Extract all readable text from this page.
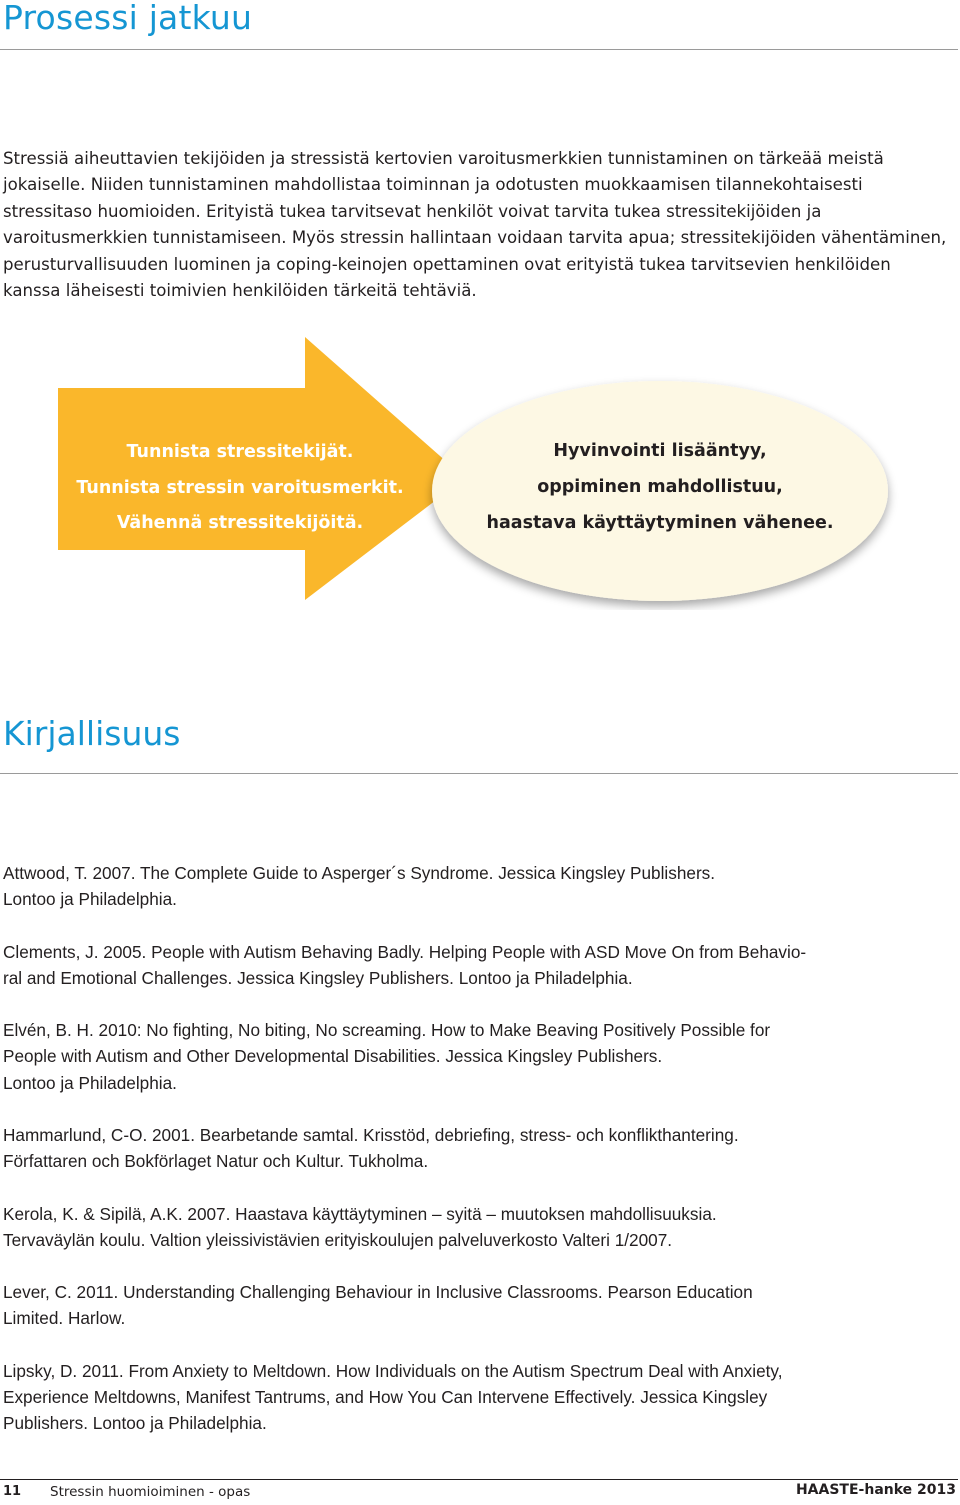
Prosessi jatkuu

Stressiä aiheuttavien tekijöiden ja stressistä kertovien varoitusmerkkien tunnistaminen on tärkeää meistä jokaiselle. Niiden tunnistaminen mahdollistaa toiminnan ja odotusten muokkaamisen tilannekohtaisesti stressitaso huomioiden. Erityistä tukea tarvitsevat henkilöt voivat tarvita tukea stressitekijöiden ja varoitusmerkkien tunnistamiseen. Myös stressin hallintaan voidaan tarvita apua; stressitekijöiden vähentäminen, perusturvallisuuden luominen ja coping-keinojen opettaminen ovat erityistä tukea tarvitsevien henkilöiden kanssa läheisesti toimivien henkilöiden tärkeitä tehtäviä.

Tunnista stressitekijät.
Tunnista stressin varoitusmerkit.
Vähennä stressitekijöitä.
Hyvinvointi lisääntyy,
oppiminen mahdollistuu,
haastava käyttäytyminen vähenee.
Kirjallisuus
Attwood, T. 2007. The Complete Guide to Asperger´s Syndrome. Jessica Kingsley Publishers.
Lontoo ja Philadelphia.
Clements, J. 2005. People with Autism Behaving Badly. Helping People with ASD Move On from Behavio-
ral and Emotional Challenges. Jessica Kingsley Publishers. Lontoo ja Philadelphia.
Elvén, B. H. 2010: No fighting, No biting, No screaming. How to Make Beaving Positively Possible for
People with Autism and Other Developmental Disabilities. Jessica Kingsley Publishers.
Lontoo ja Philadelphia.
Hammarlund, C-O. 2001. Bearbetande samtal. Krisstöd, debriefing, stress- och konflikthantering.
Författaren och Bokförlaget Natur och Kultur. Tukholma.
Kerola, K. & Sipilä, A.K. 2007. Haastava käyttäytyminen – syitä – muutoksen mahdollisuuksia.
Tervaväylän koulu. Valtion yleissivistävien erityiskoulujen palveluverkosto Valteri 1/2007.
Lever, C. 2011. Understanding Challenging Behaviour in Inclusive Classrooms. Pearson Education
Limited. Harlow.
Lipsky, D. 2011. From Anxiety to Meltdown. How Individuals on the Autism Spectrum Deal with Anxiety,
Experience Meltdowns, Manifest Tantrums, and How You Can Intervene Effectively. Jessica Kingsley
Publishers. Lontoo ja Philadelphia.
11 Stressin huomioiminen - opas	HAASTE-hanke 2013
